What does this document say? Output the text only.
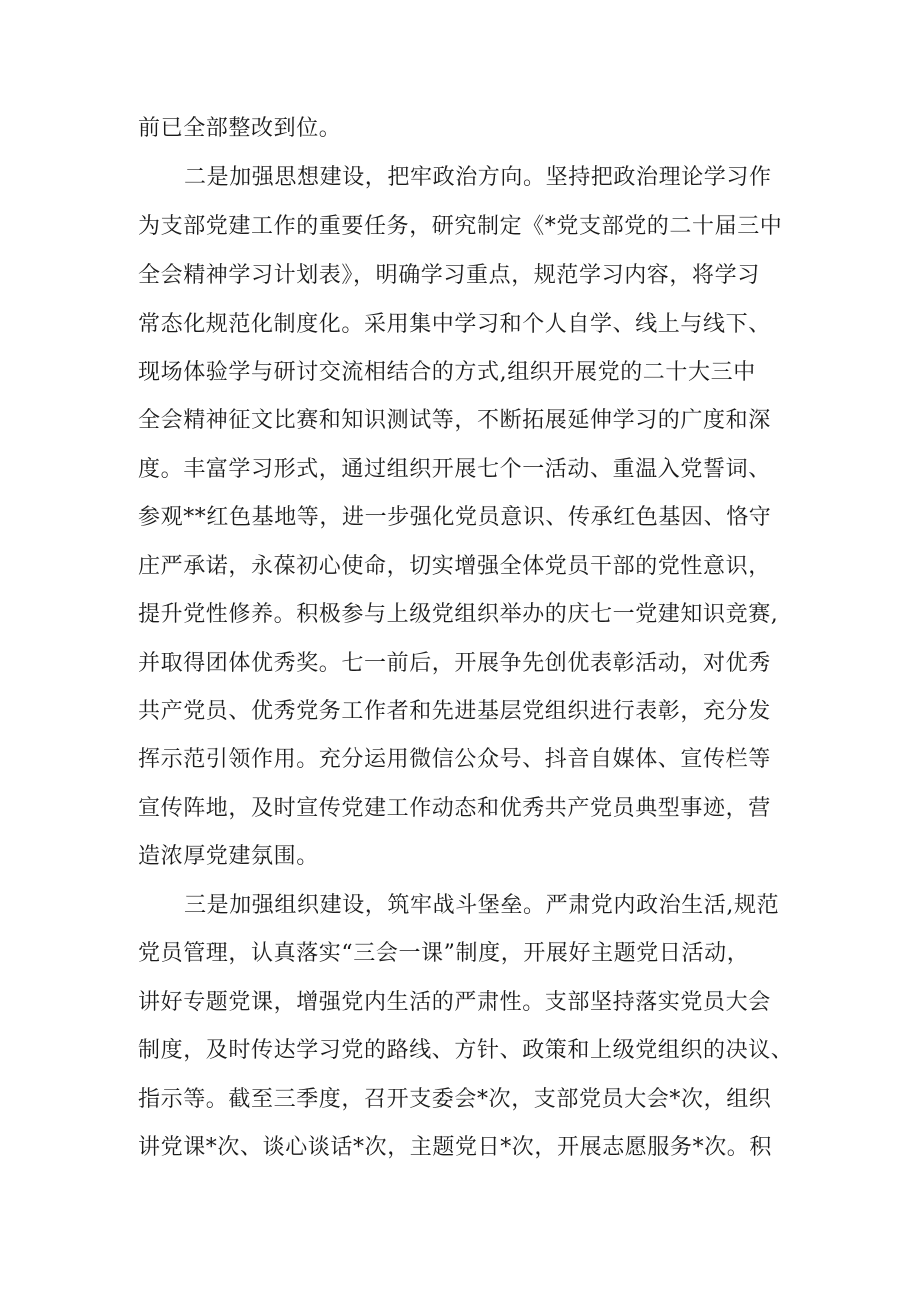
前已全部整改到位。
二是加强思想建设，把牢政治方向。坚持把政治理论学习作
为支部党建工作的重要任务，研究制定《*党支部党的二十届三中
全会精神学习计划表》，明确学习重点，规范学习内容，将学习
常态化规范化制度化。采用集中学习和个人自学、线上与线下、
现场体验学与研讨交流相结合的方式,组织开展党的二十大三中
全会精神征文比赛和知识测试等，不断拓展延伸学习的广度和深
度。丰富学习形式，通过组织开展七个一活动、重温入党誓词、
参观**红色基地等，进一步强化党员意识、传承红色基因、恪守
庄严承诺，永葆初心使命，切实增强全体党员干部的党性意识，
提升党性修养。积极参与上级党组织举办的庆七一党建知识竞赛,
并取得团体优秀奖。七一前后，开展争先创优表彰活动，对优秀
共产党员、优秀党务工作者和先进基层党组织进行表彰，充分发
挥示范引领作用。充分运用微信公众号、抖音自媒体、宣传栏等
宣传阵地，及时宣传党建工作动态和优秀共产党员典型事迹，营
造浓厚党建氛围。
三是加强组织建设，筑牢战斗堡垒。严肃党内政治生活,规范
党员管理，认真落实“三会一课”制度，开展好主题党日活动，
讲好专题党课，增强党内生活的严肃性。支部坚持落实党员大会
制度，及时传达学习党的路线、方针、政策和上级党组织的决议、
指示等。截至三季度，召开支委会*次，支部党员大会*次，组织
讲党课*次、谈心谈话*次，主题党日*次，开展志愿服务*次。积
